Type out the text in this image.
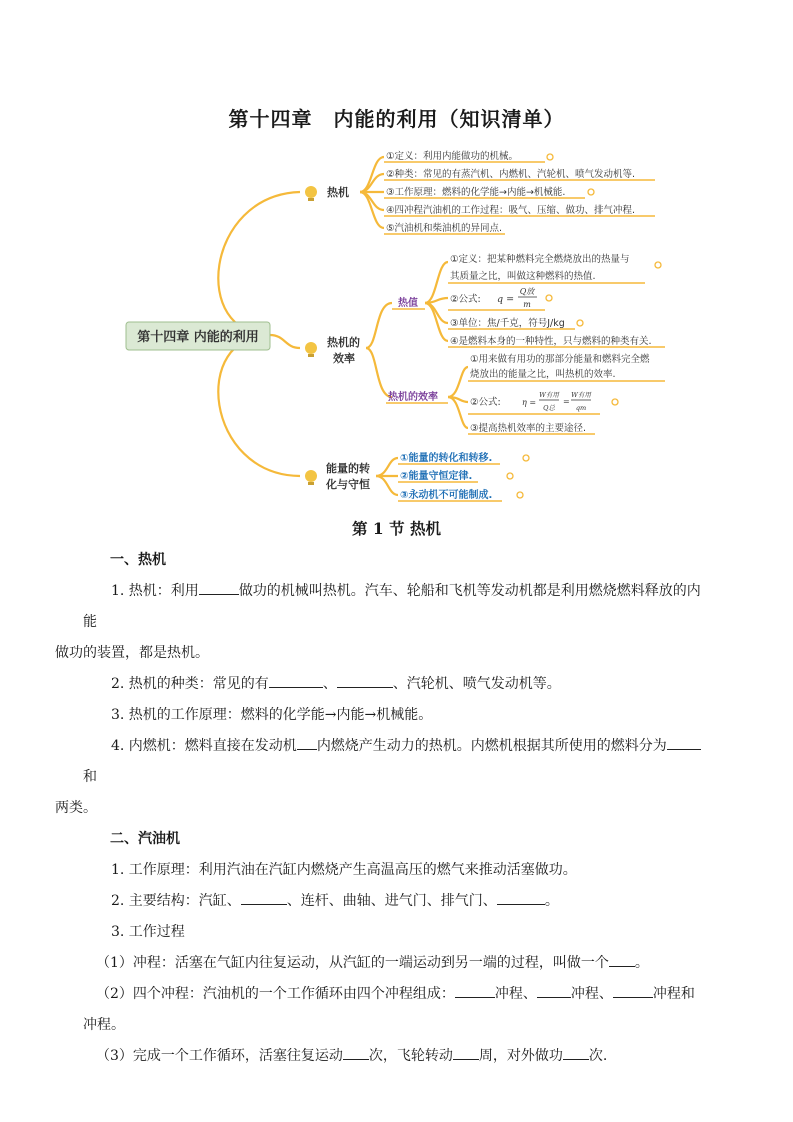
第十四章　内能的利用（知识清单）
第十四章 内能的利用
热机
热机的
效率
能量的转
化与守恒
①定义：利用内能做功的机械。
②种类：常见的有蒸汽机、内燃机、汽轮机、喷气发动机等.
③工作原理：燃料的化学能→内能→机械能.
④四冲程汽油机的工作过程：吸气、压缩、做功、排气冲程.
⑤汽油机和柴油机的异同点.
热值
热机的效率
①定义：把某种燃料完全燃烧放出的热量与
其质量之比，叫做这种燃料的热值.
②公式: q =
Q放
m
③单位：焦/千克，符号J/kg
④是燃料本身的一种特性，只与燃料的种类有关.
①用来做有用功的那部分能量和燃料完全燃
烧放出的能量之比，叫热机的效率.
②公式:	η =
W有用
Q总
=
W有用
qm
③提高热机效率的主要途径.
①能量的转化和转移.
②能量守恒定律.
③永动机不可能制成.
第 1 节 热机
一、热机
1. 热机：利用	做功的机械叫热机。汽车、轮船和飞机等发动机都是利用燃烧燃料释放的内能
做功的装置，都是热机。
2. 热机的种类：常见的有	、	、汽轮机、喷气发动机等。
3. 热机的工作原理：燃料的化学能→内能→机械能。
4. 内燃机：燃料直接在发动机 内燃烧产生动力的热机。内燃机根据其所使用的燃料分为和
两类。
二、汽油机
1. 工作原理：利用汽油在汽缸内燃烧产生高温高压的燃气来推动活塞做功。
2. 主要结构：汽缸、	、连杆、曲轴、进气门、排气门、	。
3. 工作过程
（1）冲程：活塞在气缸内往复运动，从汽缸的一端运动到另一端的过程，叫做一个 。
（2）四个冲程：汽油机的一个工作循环由四个冲程组成：	冲程、 冲程、	冲程和
冲程。
（3）完成一个工作循环，活塞往复运动 次，飞轮转动 周，对外做功 次.
